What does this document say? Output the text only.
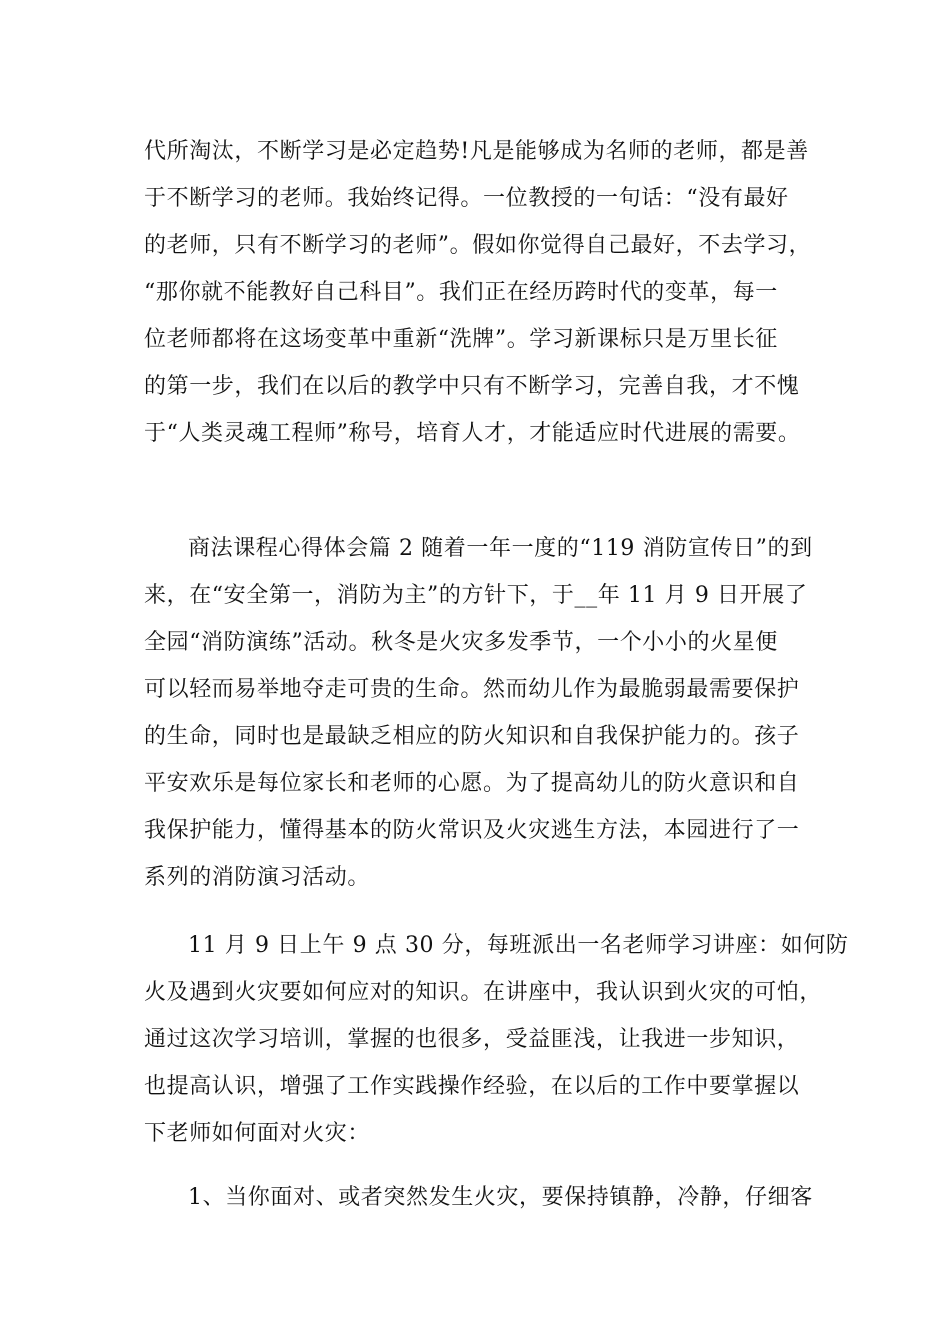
代所淘汰，不断学习是必定趋势!凡是能够成为名师的老师，都是善
于不断学习的老师。我始终记得。一位教授的一句话：“没有最好
的老师，只有不断学习的老师”。假如你觉得自己最好，不去学习，
“那你就不能教好自己科目”。我们正在经历跨时代的变革，每一
位老师都将在这场变革中重新“洗牌”。学习新课标只是万里长征
的第一步，我们在以后的教学中只有不断学习，完善自我，才不愧
于“人类灵魂工程师”称号，培育人才，才能适应时代进展的需要。
商法课程心得体会篇 2 随着一年一度的“119 消防宣传日”的到
来，在“安全第一，消防为主”的方针下，于__年 11 月 9 日开展了
全园“消防演练”活动。秋冬是火灾多发季节，一个小小的火星便
可以轻而易举地夺走可贵的生命。然而幼儿作为最脆弱最需要保护
的生命，同时也是最缺乏相应的防火知识和自我保护能力的。孩子
平安欢乐是每位家长和老师的心愿。为了提高幼儿的防火意识和自
我保护能力，懂得基本的防火常识及火灾逃生方法，本园进行了一
系列的消防演习活动。
11 月 9 日上午 9 点 30 分，每班派出一名老师学习讲座：如何防
火及遇到火灾要如何应对的知识。在讲座中，我认识到火灾的可怕，
通过这次学习培训，掌握的也很多，受益匪浅，让我进一步知识，
也提高认识，增强了工作实践操作经验，在以后的工作中要掌握以
下老师如何面对火灾：
1、当你面对、或者突然发生火灾，要保持镇静，冷静，仔细客
